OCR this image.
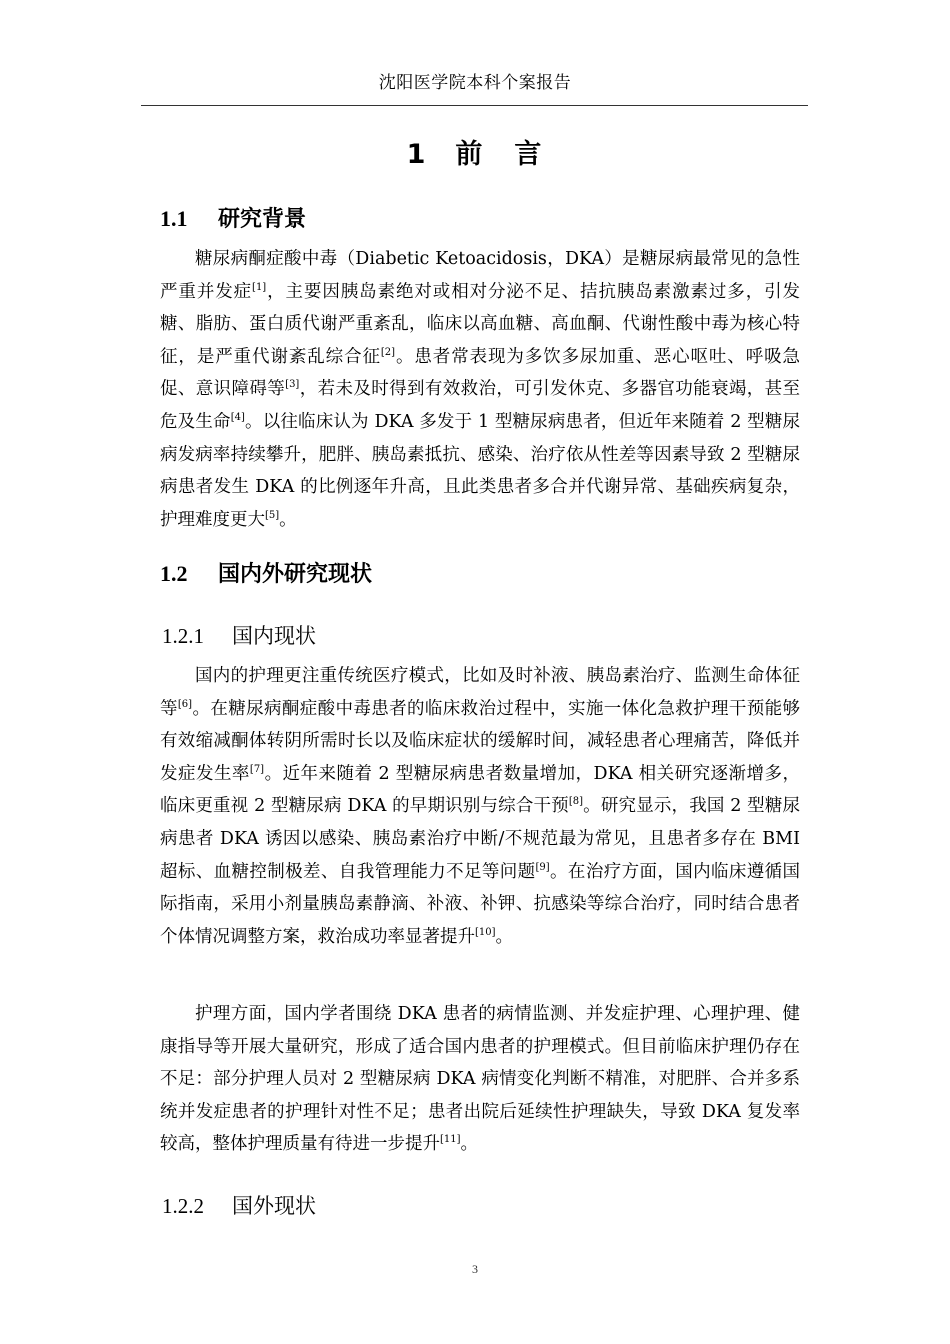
沈阳医学院本科个案报告
1 前 言
1.1 研究背景

糖尿病酮症酸中毒（Diabetic Ketoacidosis，DKA）是糖尿病最常见的急性严重并发症[1]，主要因胰岛素绝对或相对分泌不足、拮抗胰岛素激素过多，引发糖、脂肪、蛋白质代谢严重紊乱，临床以高血糖、高血酮、代谢性酸中毒为核心特征，是严重代谢紊乱综合征[2]。患者常表现为多饮多尿加重、恶心呕吐、呼吸急促、意识障碍等[3]，若未及时得到有效救治，可引发休克、多器官功能衰竭，甚至危及生命[4]。以往临床认为 DKA 多发于 1 型糖尿病患者，但近年来随着 2 型糖尿病发病率持续攀升，肥胖、胰岛素抵抗、感染、治疗依从性差等因素导致 2 型糖尿病患者发生 DKA 的比例逐年升高，且此类患者多合并代谢异常、基础疾病复杂，护理难度更大[5]。

1.2 国内外研究现状
1.2.1 国内现状

国内的护理更注重传统医疗模式，比如及时补液、胰岛素治疗、监测生命体征等[6]。在糖尿病酮症酸中毒患者的临床救治过程中，实施一体化急救护理干预能够有效缩减酮体转阴所需时长以及临床症状的缓解时间，减轻患者心理痛苦，降低并发症发生率[7]。近年来随着 2 型糖尿病患者数量增加，DKA 相关研究逐渐增多，临床更重视 2 型糖尿病 DKA 的早期识别与综合干预[8]。研究显示，我国 2 型糖尿病患者 DKA 诱因以感染、胰岛素治疗中断/不规范最为常见，且患者多存在 BMI 超标、血糖控制极差、自我管理能力不足等问题[9]。在治疗方面，国内临床遵循国际指南，采用小剂量胰岛素静滴、补液、补钾、抗感染等综合治疗，同时结合患者个体情况调整方案，救治成功率显著提升[10]。

护理方面，国内学者围绕 DKA 患者的病情监测、并发症护理、心理护理、健康指导等开展大量研究，形成了适合国内患者的护理模式。但目前临床护理仍存在不足：部分护理人员对 2 型糖尿病 DKA 病情变化判断不精准，对肥胖、合并多系统并发症患者的护理针对性不足；患者出院后延续性护理缺失，导致 DKA 复发率较高，整体护理质量有待进一步提升[11]。

1.2.2 国外现状
3
